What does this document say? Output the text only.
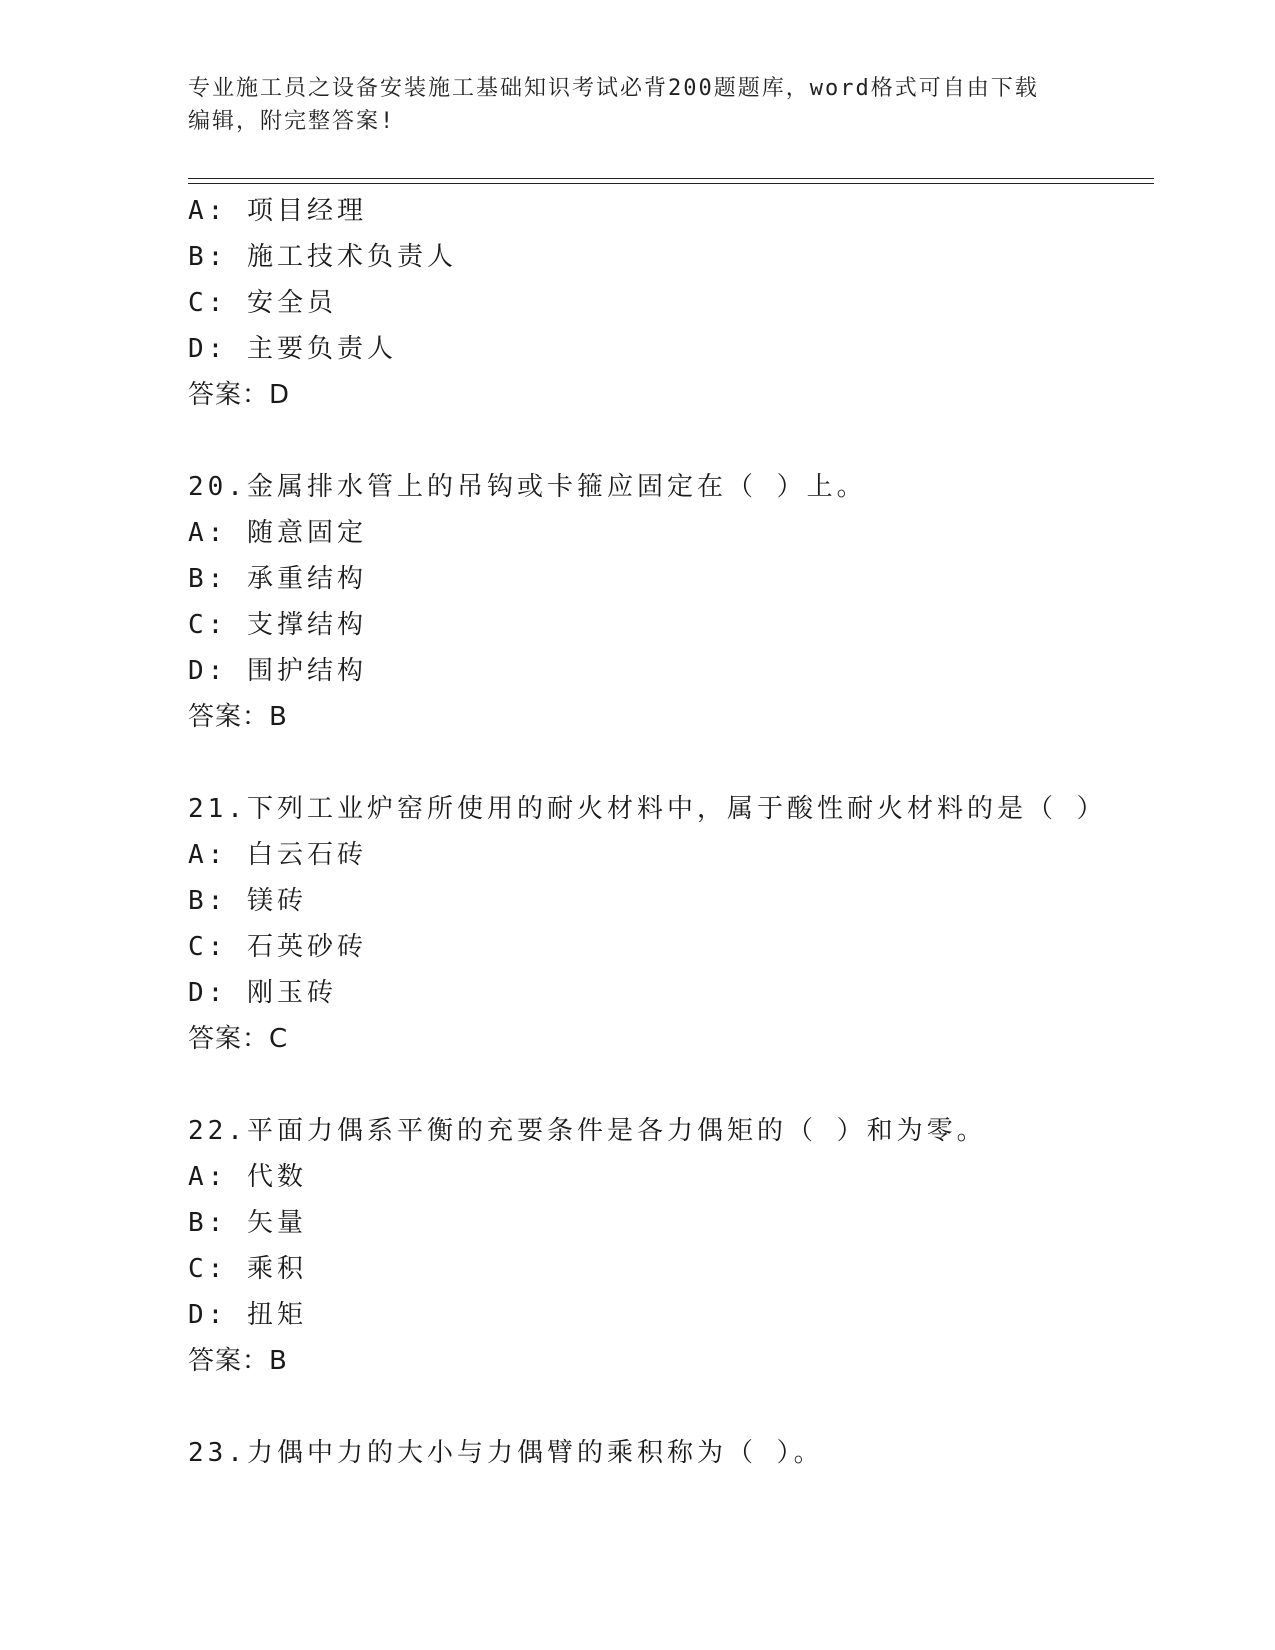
专业施工员之设备安装施工基础知识考试必背200题题库，word格式可自由下载
编辑，附完整答案!
A: 项目经理
B: 施工技术负责人
C: 安全员
D: 主要负责人
答案：D
20.金属排水管上的吊钩或卡箍应固定在（ ）上。
A: 随意固定
B: 承重结构
C: 支撑结构
D: 围护结构
答案：B
21.下列工业炉窑所使用的耐火材料中，属于酸性耐火材料的是（ ）
A: 白云石砖
B: 镁砖
C: 石英砂砖
D: 刚玉砖
答案：C
22.平面力偶系平衡的充要条件是各力偶矩的（ ）和为零。
A: 代数
B: 矢量
C: 乘积
D: 扭矩
答案：B
23.力偶中力的大小与力偶臂的乘积称为（ ）。
